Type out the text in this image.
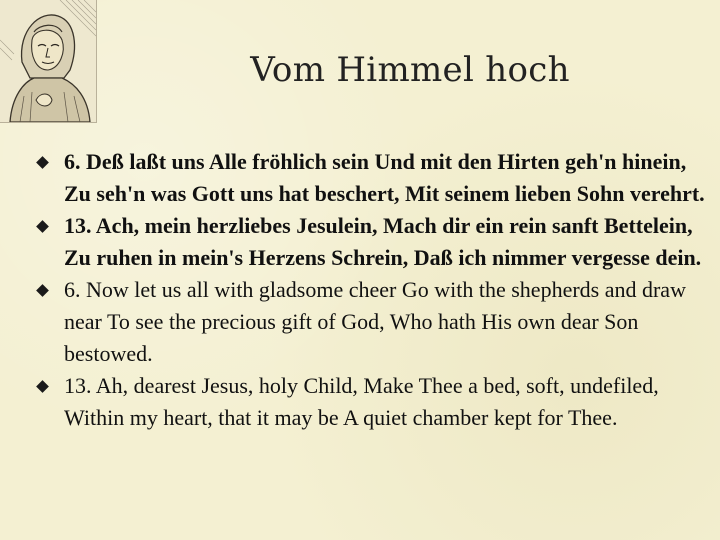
Vom Himmel hoch
6. Deß laßt uns Alle fröhlich sein Und mit den Hirten geh'n hinein, Zu seh'n was Gott uns hat beschert, Mit seinem lieben Sohn verehrt.
13. Ach, mein herzliebes Jesulein, Mach dir ein rein sanft Bettelein, Zu ruhen in mein's Herzens Schrein, Daß ich nimmer vergesse dein.
6. Now let us all with gladsome cheer Go with the shepherds and draw near To see the precious gift of God, Who hath His own dear Son bestowed.
13. Ah, dearest Jesus, holy Child, Make Thee a bed, soft, undefiled, Within my heart, that it may be A quiet chamber kept for Thee.
